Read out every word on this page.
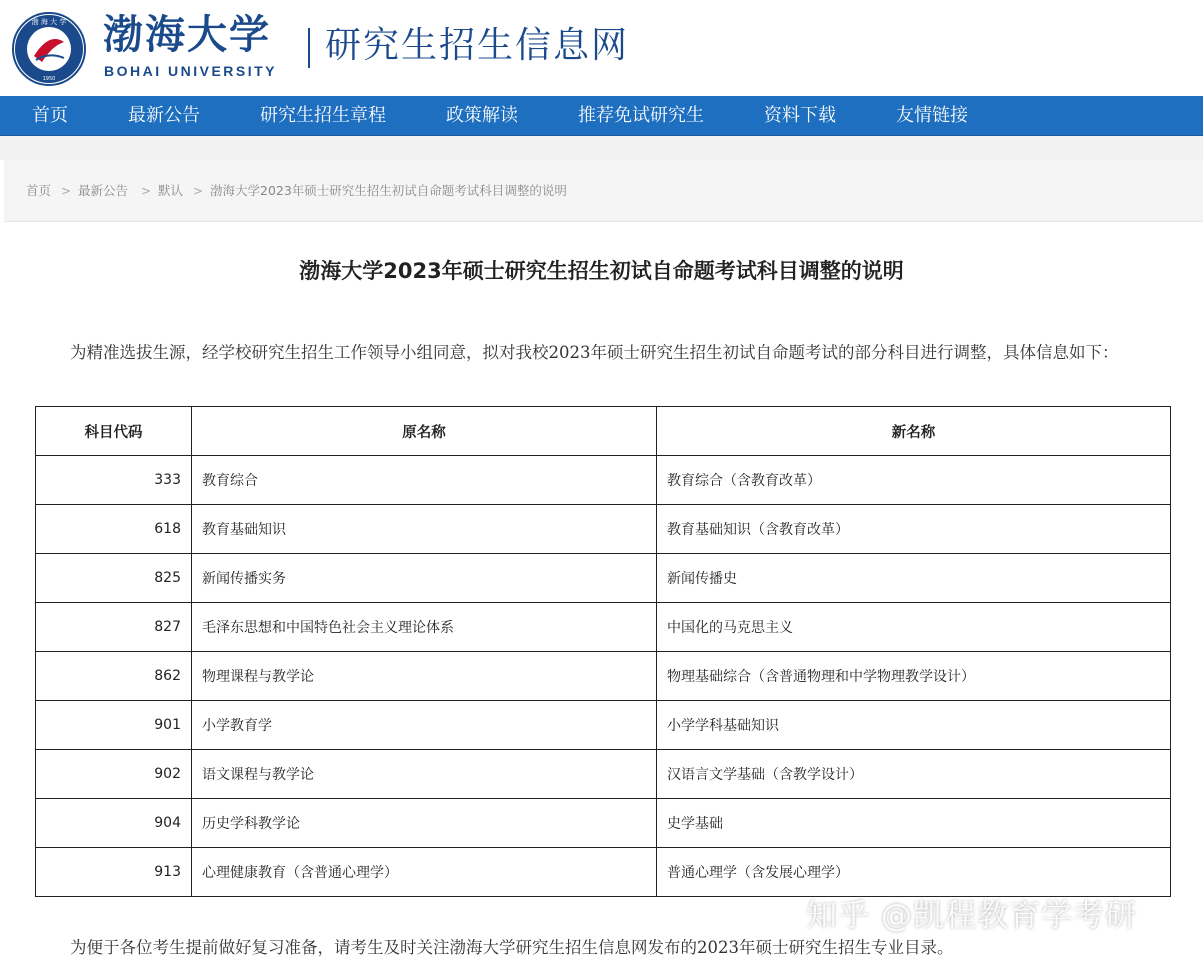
渤 海 大 学
1950
渤海大学
BOHAI UNIVERSITY
研究生招生信息网
首页	最新公告	研究生招生章程	政策解读	推荐免试研究生	资料下载	友情链接
首页 > 最新公告 > 默认 > 渤海大学2023年硕士研究生招生初试自命题考试科目调整的说明
渤海大学2023年硕士研究生招生初试自命题考试科目调整的说明

为精准选拔生源，经学校研究生招生工作领导小组同意，拟对我校2023年硕士研究生招生初试自命题考试的部分科目进行调整，具体信息如下：

科目代码	原名称	新名称
333	教育综合	教育综合（含教育改革）
618	教育基础知识	教育基础知识（含教育改革）
825	新闻传播实务	新闻传播史
827	毛泽东思想和中国特色社会主义理论体系	中国化的马克思主义
862	物理课程与教学论	物理基础综合（含普通物理和中学物理教学设计）
901	小学教育学	小学学科基础知识
902	语文课程与教学论	汉语言文学基础（含教学设计）
904	历史学科教学论	史学基础
913	心理健康教育（含普通心理学）	普通心理学（含发展心理学）

为便于各位考生提前做好复习准备，请考生及时关注渤海大学研究生招生信息网发布的2023年硕士研究生招生专业目录。

知乎 @凯程教育学考研
